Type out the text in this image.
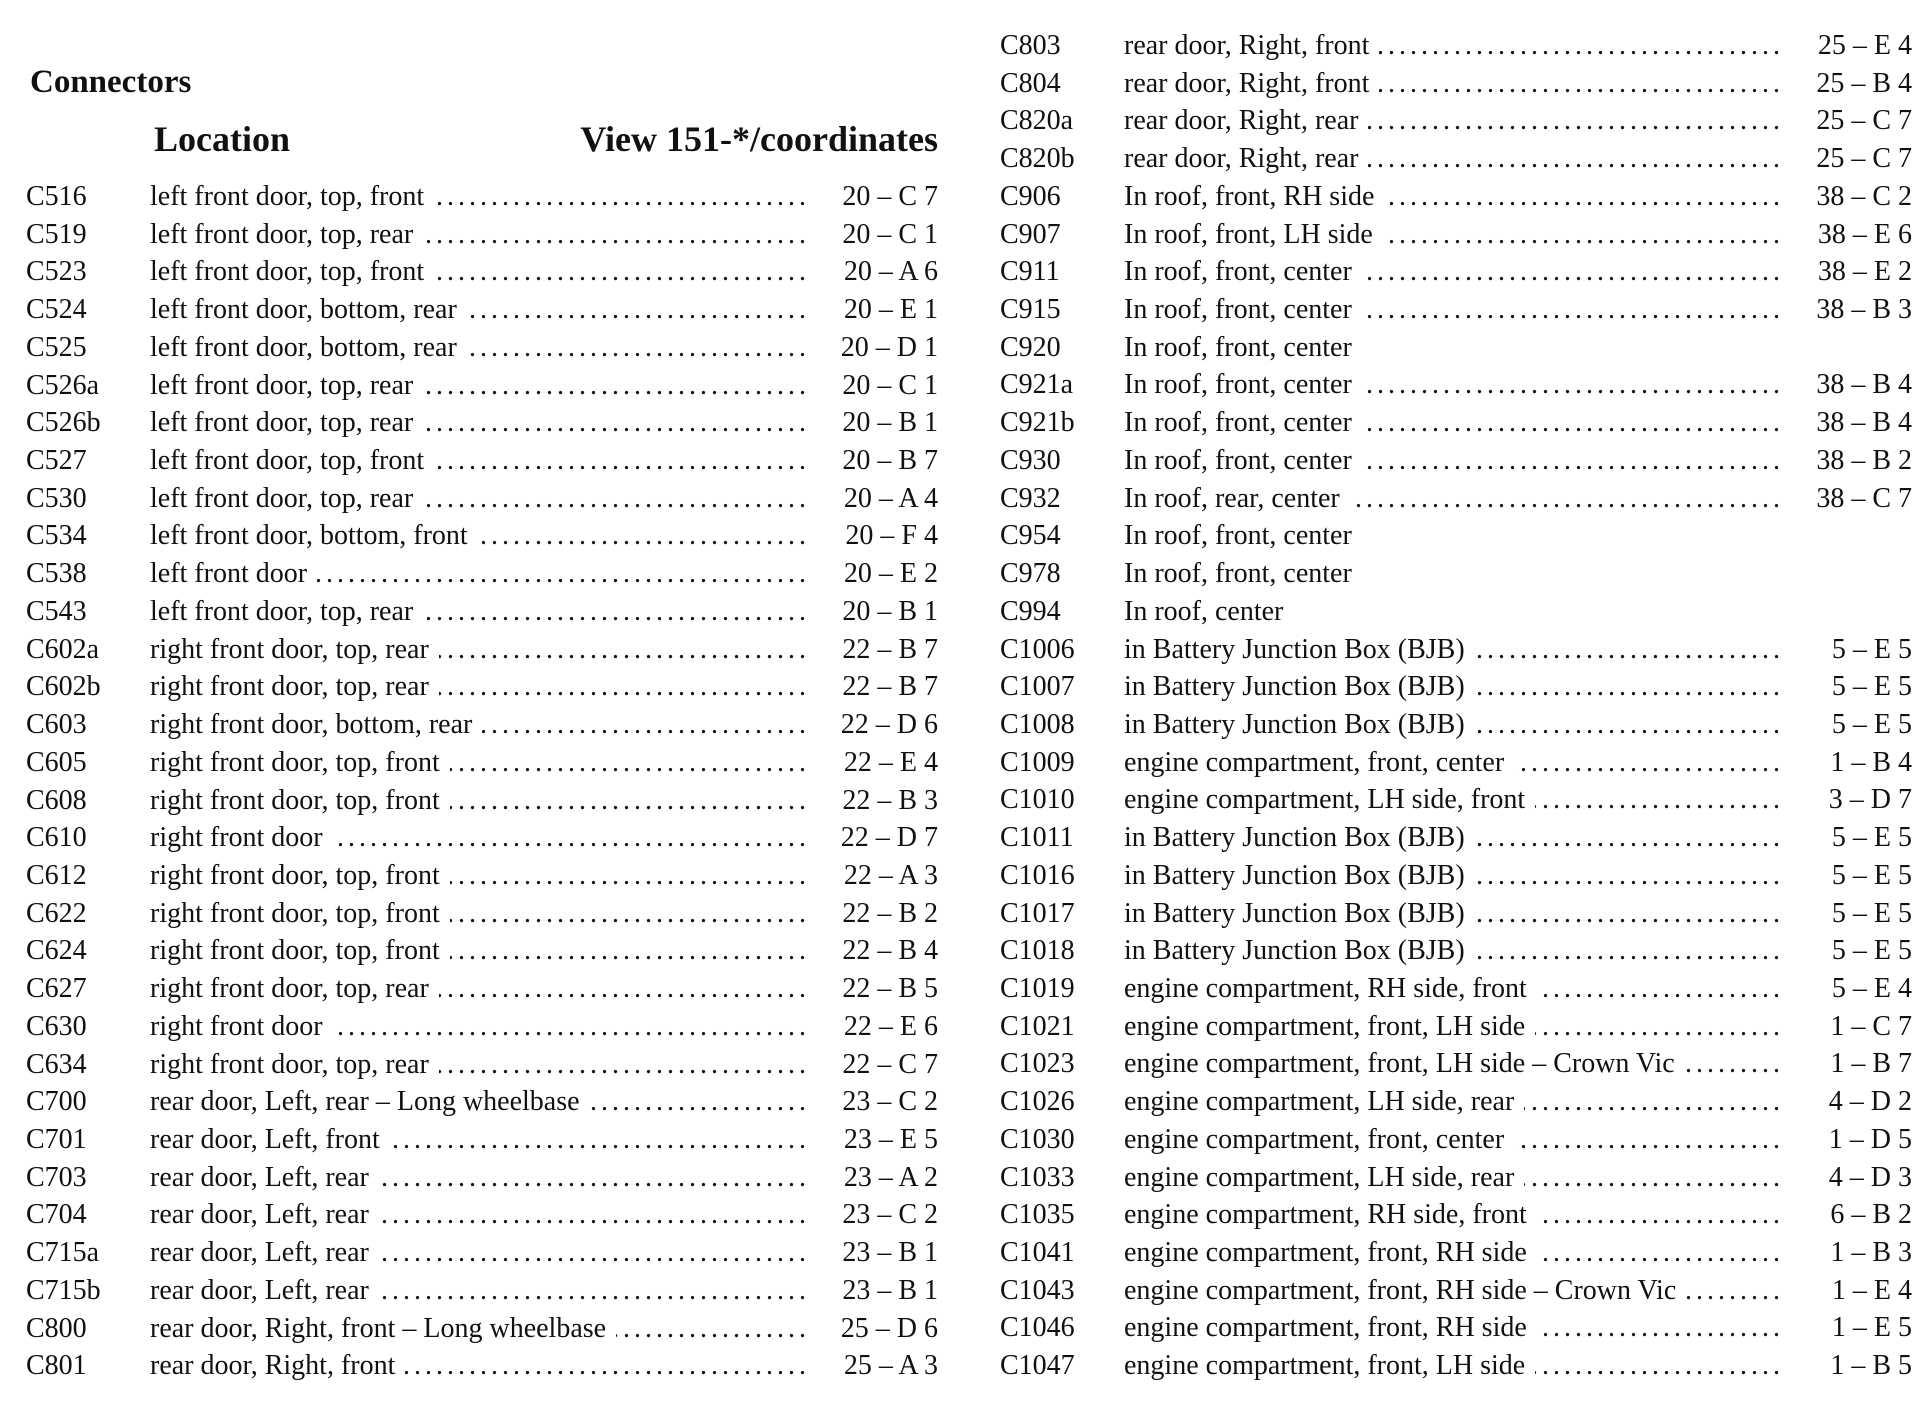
Connectors
Location	View 151-*/coordinates
C516 left front door, top, front . . .	20 – C 7
C519 left front door, top, rear . . .	20 – C 1
C523 left front door, top, front . . .	20 – A 6
C524 left front door, bottom, rear . . .	20 – E 1
C525 left front door, bottom, rear . . .	20 – D 1
C526a left front door, top, rear . . .	20 – C 1
C526b left front door, top, rear . . .	20 – B 1
C527 left front door, top, front . . .	20 – B 7
C530 left front door, top, rear . . .	20 – A 4
C534 left front door, bottom, front . . .	20 – F 4
C538 left front door . . .	20 – E 2
C543 left front door, top, rear . . .	20 – B 1
C602a right front door, top, rear . . .	22 – B 7
C602b right front door, top, rear . . .	22 – B 7
C603 right front door, bottom, rear . . .	22 – D 6
C605 right front door, top, front . . .	22 – E 4
C608 right front door, top, front . . .	22 – B 3
C610 right front door . . .	22 – D 7
C612 right front door, top, front . . .	22 – A 3
C622 right front door, top, front . . .	22 – B 2
C624 right front door, top, front . . .	22 – B 4
C627 right front door, top, rear . . .	22 – B 5
C630 right front door . . .	22 – E 6
C634 right front door, top, rear . . .	22 – C 7
C700 rear door, Left, rear – Long wheelbase . . .	23 – C 2
C701 rear door, Left, front . . .	23 – E 5
C703 rear door, Left, rear . . .	23 – A 2
C704 rear door, Left, rear . . .	23 – C 2
C715a rear door, Left, rear . . .	23 – B 1
C715b rear door, Left, rear . . .	23 – B 1
C800 rear door, Right, front – Long wheelbase . . .	25 – D 6
C801 rear door, Right, front . . .	25 – A 3
C803 rear door, Right, front . . .	25 – E 4
C804 rear door, Right, front . . .	25 – B 4
C820a rear door, Right, rear . . .	25 – C 7
C820b rear door, Right, rear . . .	25 – C 7
C906 In roof, front, RH side . . .	38 – C 2
C907 In roof, front, LH side . . .	38 – E 6
C911 In roof, front, center . . .	38 – E 2
C915 In roof, front, center . . .	38 – B 3
C920 In roof, front, center
C921a In roof, front, center . . .	38 – B 4
C921b In roof, front, center . . .	38 – B 4
C930 In roof, front, center . . .	38 – B 2
C932 In roof, rear, center . . .	38 – C 7
C954 In roof, front, center
C978 In roof, front, center
C994 In roof, center
C1006 in Battery Junction Box (BJB) . . .	5 – E 5
C1007 in Battery Junction Box (BJB) . . .	5 – E 5
C1008 in Battery Junction Box (BJB) . . .	5 – E 5
C1009 engine compartment, front, center . . .	1 – B 4
C1010 engine compartment, LH side, front . . .	3 – D 7
C1011 in Battery Junction Box (BJB) . . .	5 – E 5
C1016 in Battery Junction Box (BJB) . . .	5 – E 5
C1017 in Battery Junction Box (BJB) . . .	5 – E 5
C1018 in Battery Junction Box (BJB) . . .	5 – E 5
C1019 engine compartment, RH side, front . . .	5 – E 4
C1021 engine compartment, front, LH side . . .	1 – C 7
C1023 engine compartment, front, LH side – Crown Vic . . .	1 – B 7
C1026 engine compartment, LH side, rear . . .	4 – D 2
C1030 engine compartment, front, center . . .	1 – D 5
C1033 engine compartment, LH side, rear . . .	4 – D 3
C1035 engine compartment, RH side, front . . .	6 – B 2
C1041 engine compartment, front, RH side . . .	1 – B 3
C1043 engine compartment, front, RH side – Crown Vic . . .	1 – E 4
C1046 engine compartment, front, RH side . . .	1 – E 5
C1047 engine compartment, front, LH side . . .	1 – B 5
